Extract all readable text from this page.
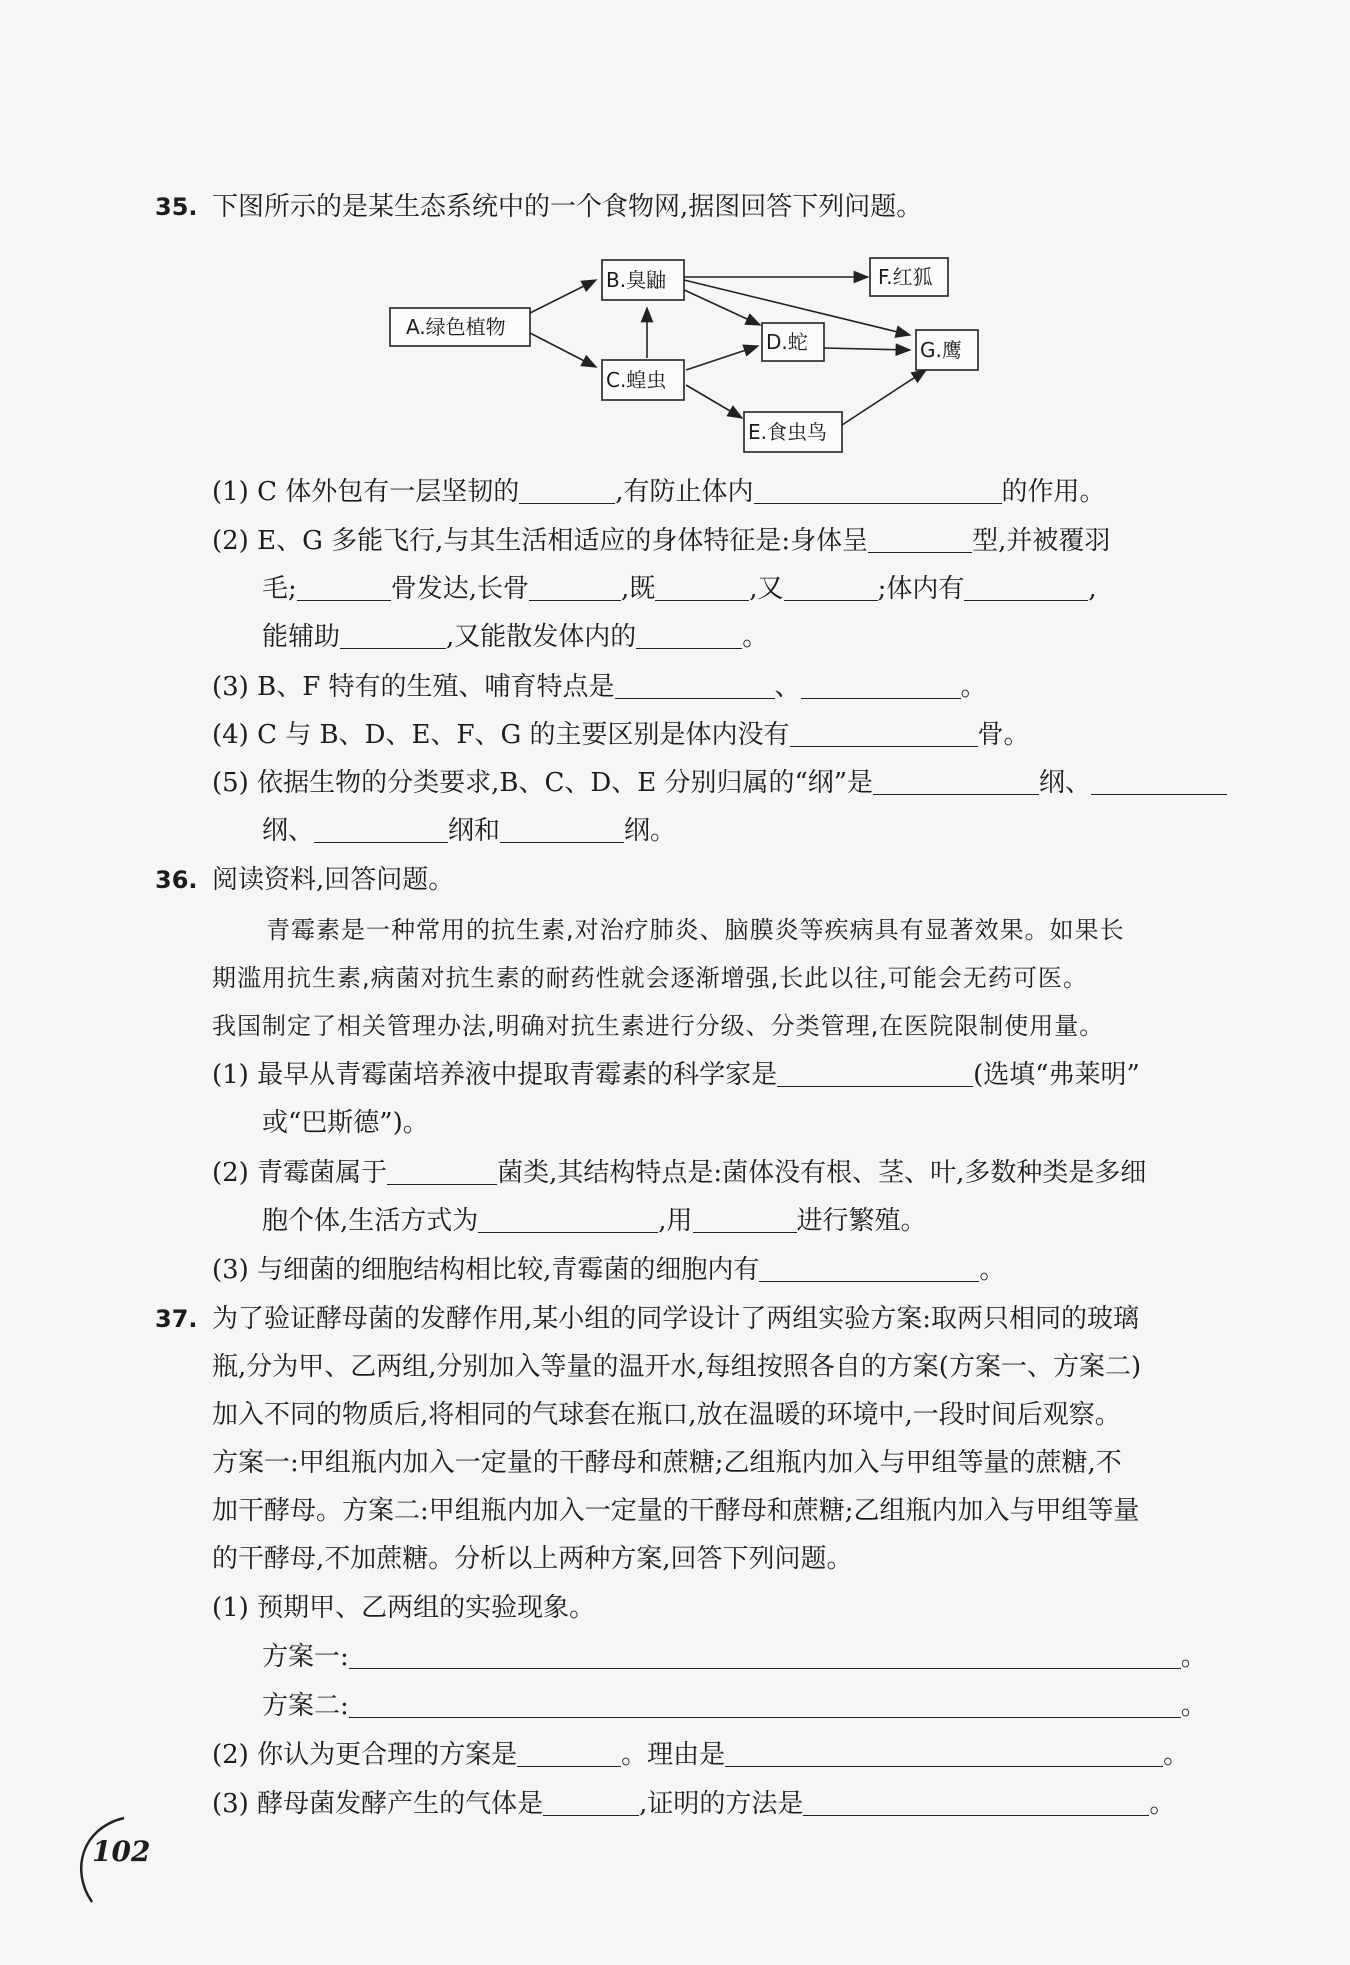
35. 下图所示的是某生态系统中的一个食物网,据图回答下列问题。
A.绿色植物
B.臭鼬
C.蝗虫
D.蛇
E.食虫鸟
F.红狐
G.鹰
(1) C 体外包有一层坚韧的	,有防止体内	的作用。
(2) E、G 多能飞行,与其生活相适应的身体特征是:身体呈	型,并被覆羽
毛;	骨发达,长骨	,既	,又	;体内有	,
能辅助	,又能散发体内的	。
(3) B、F 特有的生殖、哺育特点是	、	。
(4) C 与 B、D、E、F、G 的主要区别是体内没有	骨。
(5) 依据生物的分类要求,B、C、D、E 分别归属的“纲”是	纲、
纲、	纲和	纲。
36. 阅读资料,回答问题。
青霉素是一种常用的抗生素,对治疗肺炎、脑膜炎等疾病具有显著效果。如果长
期滥用抗生素,病菌对抗生素的耐药性就会逐渐增强,长此以往,可能会无药可医。
我国制定了相关管理办法,明确对抗生素进行分级、分类管理,在医院限制使用量。
(1) 最早从青霉菌培养液中提取青霉素的科学家是	(选填“弗莱明”
或“巴斯德”)。
(2) 青霉菌属于	菌类,其结构特点是:菌体没有根、茎、叶,多数种类是多细
胞个体,生活方式为	,用	进行繁殖。
(3) 与细菌的细胞结构相比较,青霉菌的细胞内有	。
37. 为了验证酵母菌的发酵作用,某小组的同学设计了两组实验方案:取两只相同的玻璃
瓶,分为甲、乙两组,分别加入等量的温开水,每组按照各自的方案(方案一、方案二)
加入不同的物质后,将相同的气球套在瓶口,放在温暖的环境中,一段时间后观察。
方案一:甲组瓶内加入一定量的干酵母和蔗糖;乙组瓶内加入与甲组等量的蔗糖,不
加干酵母。方案二:甲组瓶内加入一定量的干酵母和蔗糖;乙组瓶内加入与甲组等量
的干酵母,不加蔗糖。分析以上两种方案,回答下列问题。
(1) 预期甲、乙两组的实验现象。
方案一:	。
方案二:	。
(2) 你认为更合理的方案是	。理由是	。
(3) 酵母菌发酵产生的气体是	,证明的方法是	。
102
